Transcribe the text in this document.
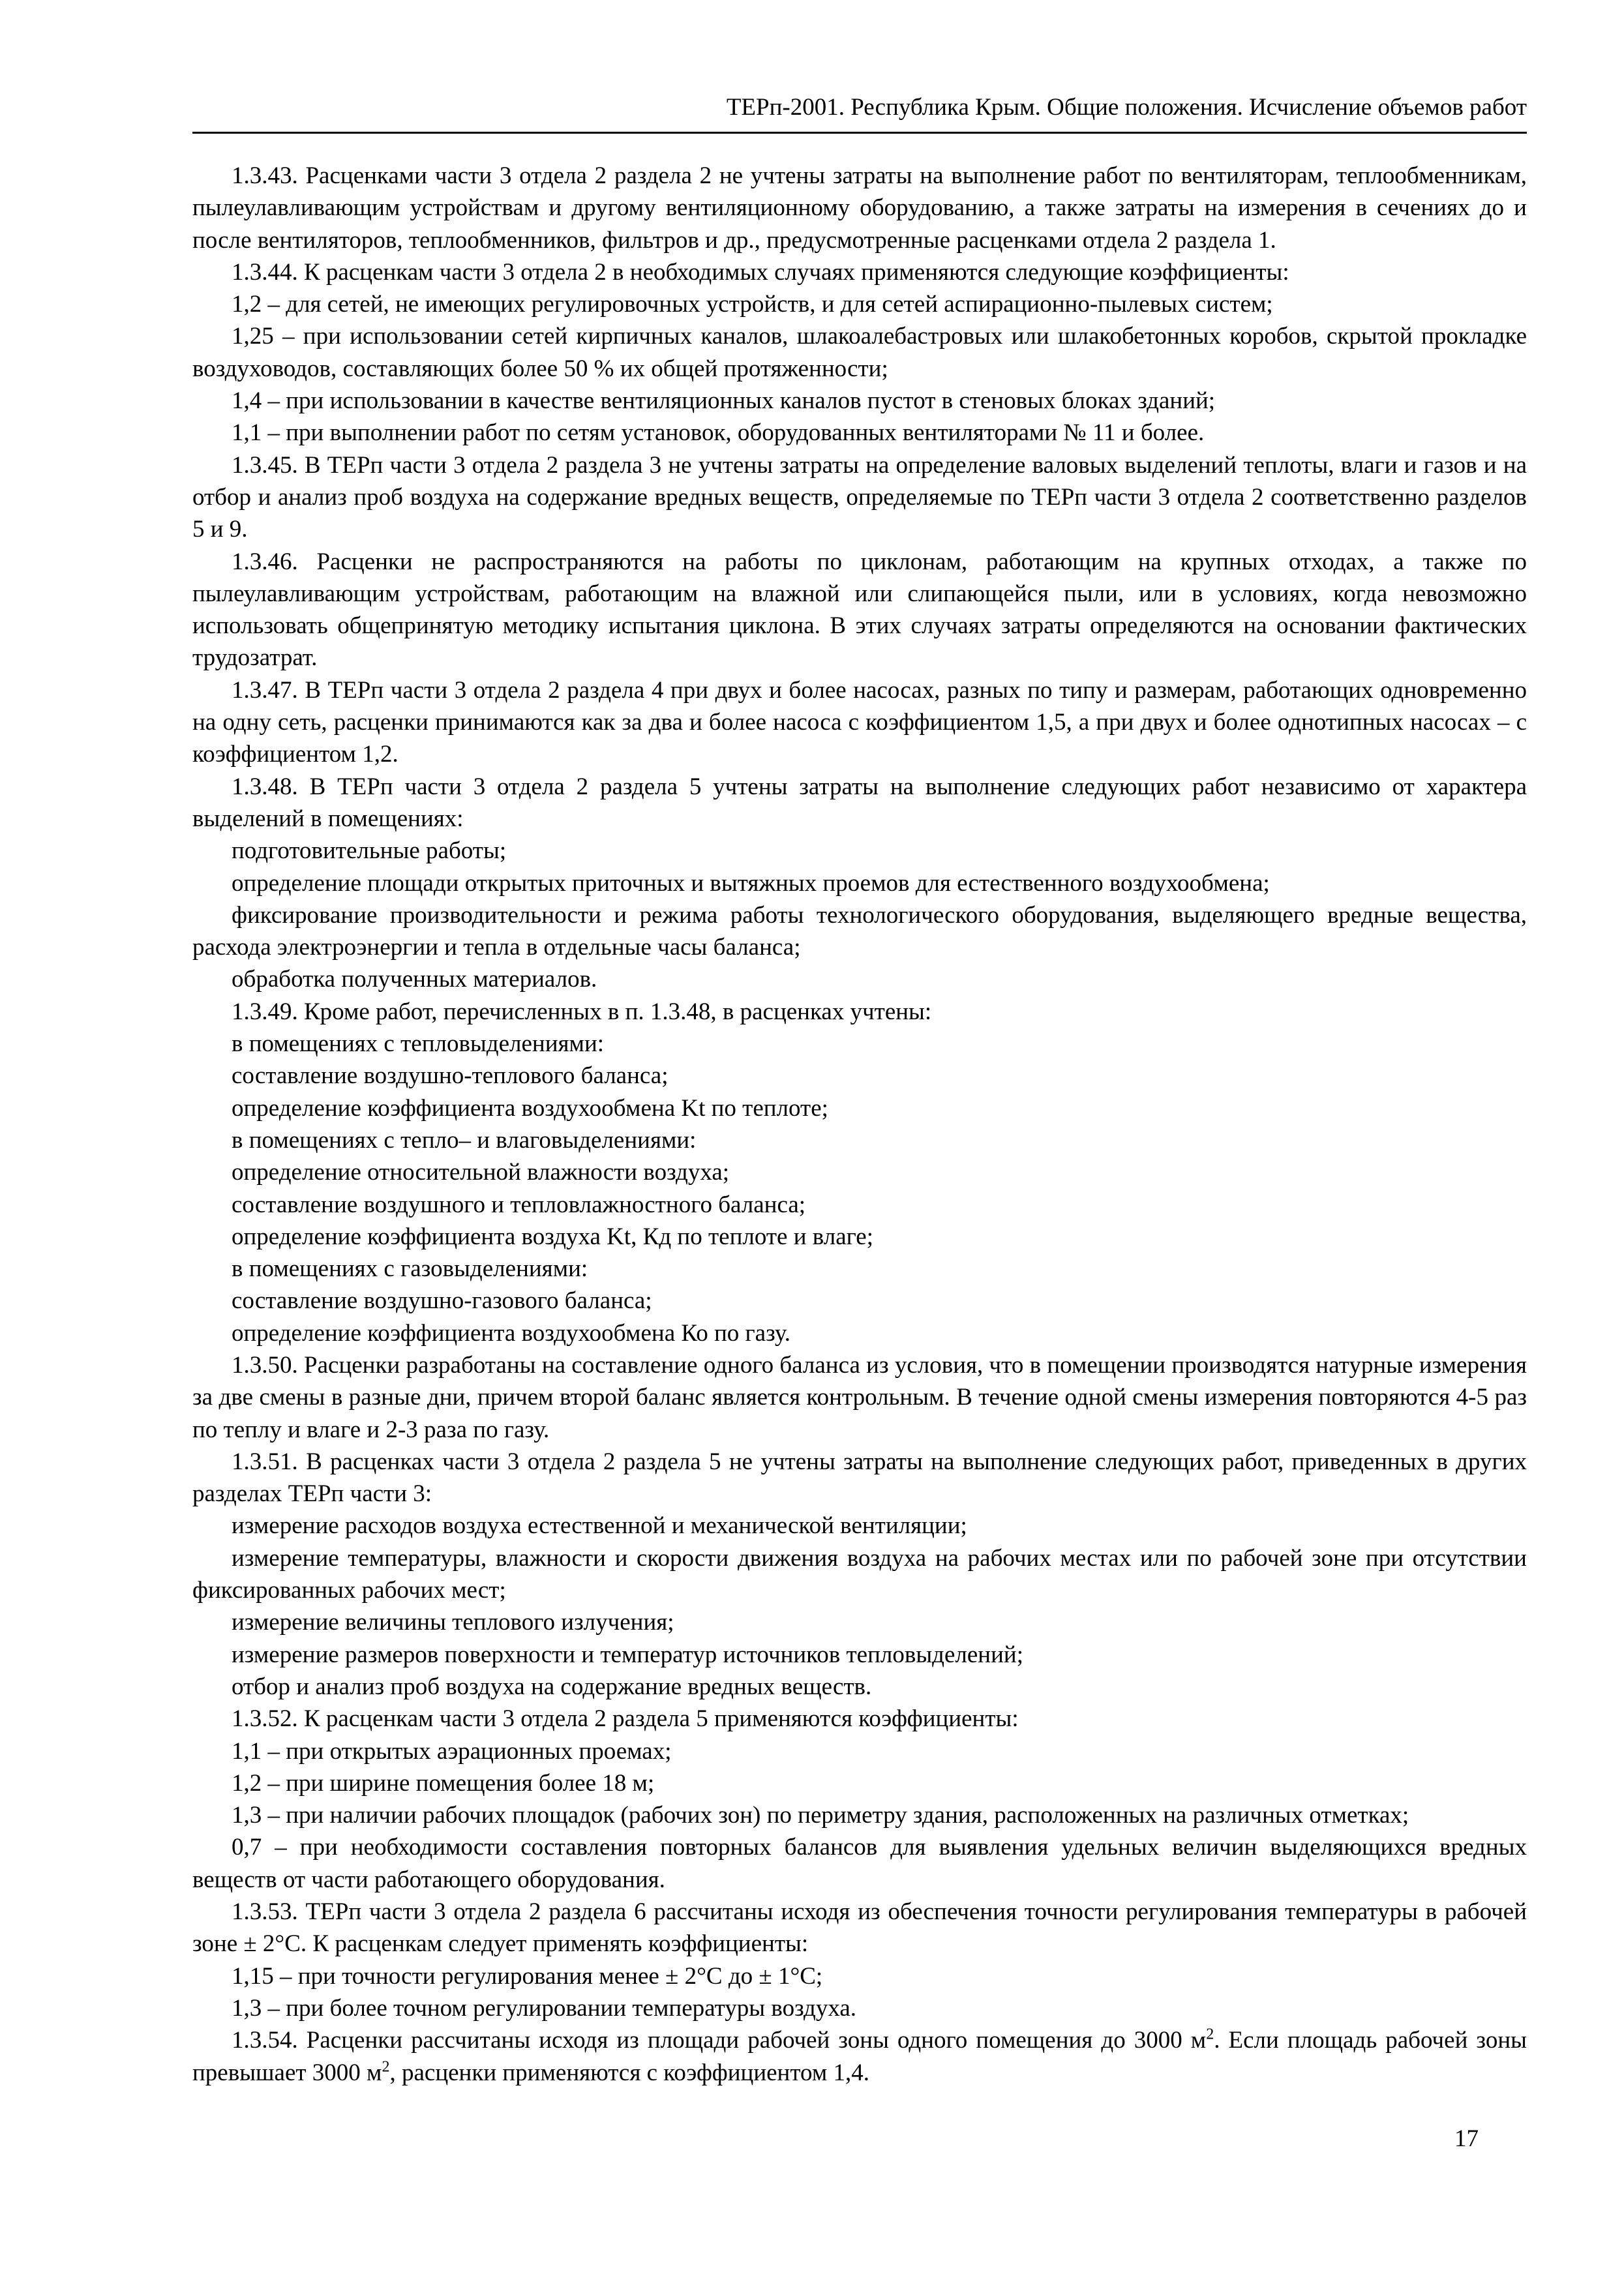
ТЕРп-2001. Республика Крым. Общие положения. Исчисление объемов работ

1.3.43. Расценками части 3 отдела 2 раздела 2 не учтены затраты на выполнение работ по вентиляторам, теплообменникам, пылеулавливающим устройствам и другому вентиляционному оборудованию, а также затраты на измерения в сечениях до и после вентиляторов, теплообменников, фильтров и др., предусмотренные расценками отдела 2 раздела 1.

1.3.44. К расценкам части 3 отдела 2 в необходимых случаях применяются следующие коэффициенты:

1,2 – для сетей, не имеющих регулировочных устройств, и для сетей аспирационно-пылевых систем;

1,25 – при использовании сетей кирпичных каналов, шлакоалебастровых или шлакобетонных коробов, скрытой прокладке воздуховодов, составляющих более 50 % их общей протяженности;

1,4 – при использовании в качестве вентиляционных каналов пустот в стеновых блоках зданий;

1,1 – при выполнении работ по сетям установок, оборудованных вентиляторами № 11 и более.

1.3.45. В ТЕРп части 3 отдела 2 раздела 3 не учтены затраты на определение валовых выделений теплоты, влаги и газов и на отбор и анализ проб воздуха на содержание вредных веществ, определяемые по ТЕРп части 3 отдела 2 соответственно разделов 5 и 9.

1.3.46. Расценки не распространяются на работы по циклонам, работающим на крупных отходах, а также по пылеулавливающим устройствам, работающим на влажной или слипающейся пыли, или в условиях, когда невозможно использовать общепринятую методику испытания циклона. В этих случаях затраты определяются на основании фактических трудозатрат.

1.3.47. В ТЕРп части 3 отдела 2 раздела 4 при двух и более насосах, разных по типу и размерам, работающих одновременно на одну сеть, расценки принимаются как за два и более насоса с коэффициентом 1,5, а при двух и более однотипных насосах – с коэффициентом 1,2.

1.3.48. В ТЕРп части 3 отдела 2 раздела 5 учтены затраты на выполнение следующих работ независимо от характера выделений в помещениях:

подготовительные работы;

определение площади открытых приточных и вытяжных проемов для естественного воздухообмена;

фиксирование производительности и режима работы технологического оборудования, выделяющего вредные вещества, расхода электроэнергии и тепла в отдельные часы баланса;

обработка полученных материалов.

1.3.49. Кроме работ, перечисленных в п. 1.3.48, в расценках учтены:

в помещениях с тепловыделениями:

составление воздушно-теплового баланса;

определение коэффициента воздухообмена Kt по теплоте;

в помещениях с тепло– и влаговыделениями:

определение относительной влажности воздуха;

составление воздушного и тепловлажностного баланса;

определение коэффициента воздуха Kt, Кд по теплоте и влаге;

в помещениях с газовыделениями:

составление воздушно-газового баланса;

определение коэффициента воздухообмена Ко по газу.

1.3.50. Расценки разработаны на составление одного баланса из условия, что в помещении производятся натурные измерения за две смены в разные дни, причем второй баланс является контрольным. В течение одной смены измерения повторяются 4-5 раз по теплу и влаге и 2-3 раза по газу.

1.3.51. В расценках части 3 отдела 2 раздела 5 не учтены затраты на выполнение следующих работ, приведенных в других разделах ТЕРп части 3:

измерение расходов воздуха естественной и механической вентиляции;

измерение температуры, влажности и скорости движения воздуха на рабочих местах или по рабочей зоне при отсутствии фиксированных рабочих мест;

измерение величины теплового излучения;

измерение размеров поверхности и температур источников тепловыделений;

отбор и анализ проб воздуха на содержание вредных веществ.

1.3.52. К расценкам части 3 отдела 2 раздела 5 применяются коэффициенты:

1,1 – при открытых аэрационных проемах;

1,2 – при ширине помещения более 18 м;

1,3 – при наличии рабочих площадок (рабочих зон) по периметру здания, расположенных на различных отметках;

0,7 – при необходимости составления повторных балансов для выявления удельных величин выделяющихся вредных веществ от части работающего оборудования.

1.3.53. ТЕРп части 3 отдела 2 раздела 6 рассчитаны исходя из обеспечения точности регулирования температуры в рабочей зоне ± 2°С. К расценкам следует применять коэффициенты:

1,15 – при точности регулирования менее ± 2°С до ± 1°С;

1,3 – при более точном регулировании температуры воздуха.

1.3.54. Расценки рассчитаны исходя из площади рабочей зоны одного помещения до 3000 $м^2$. Если площадь рабочей зоны превышает 3000 $м^2$, расценки применяются с коэффициентом 1,4.

17
